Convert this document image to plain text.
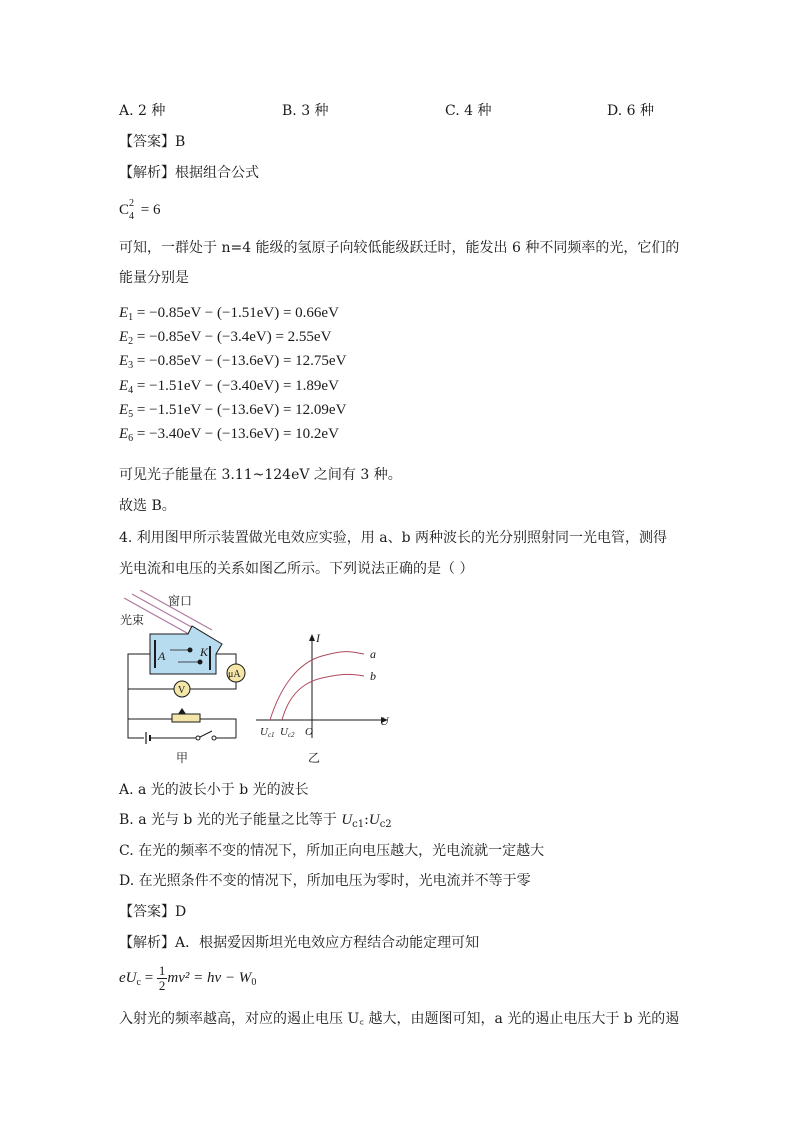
A. 2 种	B. 3 种	C. 4 种	D. 6 种
【答案】B
【解析】根据组合公式
C 2
4 = 6
可知，一群处于 n=4 能级的氢原子向较低能级跃迁时，能发出 6 种不同频率的光，它们的
能量分别是
$E_1 = -0.85eV - (-1.51eV) = 0.66eV$
$E_2 = -0.85eV - (-3.4eV) = 2.55eV$
$E_3 = -0.85eV - (-13.6eV) = 12.75eV$
$E_4 = -1.51eV - (-3.40eV) = 1.89eV$
$E_5 = -1.51eV - (-13.6eV) = 12.09eV$
$E_6 = -3.40eV - (-13.6eV) = 10.2eV$
可见光子能量在 3.11~124eV 之间有 3 种。
故选 B。
4. 利用图甲所示装置做光电效应实验，用 a、b 两种波长的光分别照射同一光电管，测得
光电流和电压的关系如图乙所示。下列说法正确的是（ ）
窗口
光束
A	K
μA
V
甲
I
U
O
a
b
Uc1 Uc2
乙
A. a 光的波长小于 b 光的波长
B. a 光与 b 光的光子能量之比等于 $U_{c1}:U_{c2}$
C. 在光的频率不变的情况下，所加正向电压越大，光电流就一定越大
D. 在光照条件不变的情况下，所加电压为零时，光电流并不等于零
【答案】D
【解析】A．根据爱因斯坦光电效应方程结合动能定理可知
$eU_c = \frac{1}{2} mv^2 = h\nu - W_0$
入射光的频率越高，对应的遏止电压 U꜀ 越大，由题图可知，a 光的遏止电压大于 b 光的遏
